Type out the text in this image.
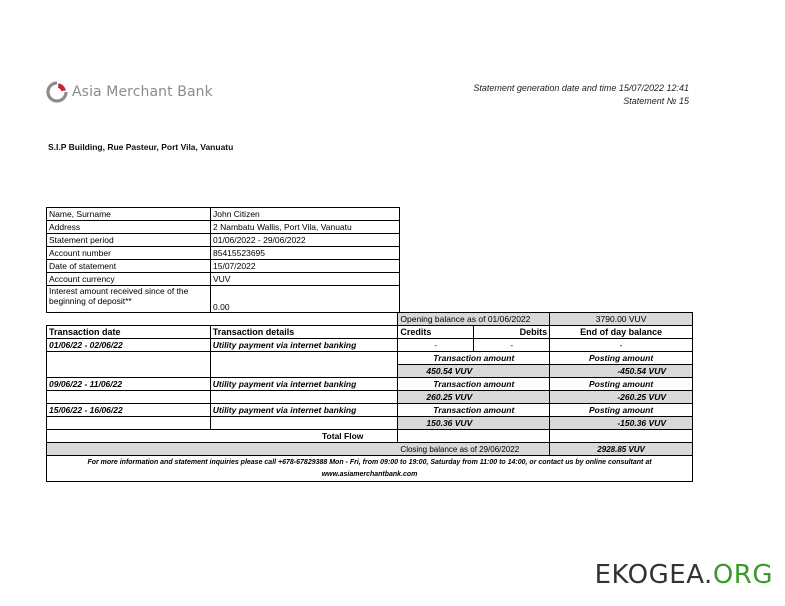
Asia Merchant Bank	Statement generation date and time 15/07/2022 12:41
Statement № 15
S.I.P Building, Rue Pasteur, Port Vila, Vanuatu
Name, Surname	John Citizen
Address	2 Nambatu Wallis, Port Vila, Vanuatu
Statement period	01/06/2022 - 29/06/2022
Account number	85415523695
Date of statement	15/07/2022
Account currency	VUV
Interest amount received since of the beginning of deposit**	0.00
		Opening balance as of 01/06/2022		3790.00 VUV
Transaction date	Transaction details	Credits	Debits	End of day balance
01/06/22 - 02/06/22	Utility payment via internet banking	-	-	-
		Transaction amount		Posting amount
		450.54 VUV		-450.54 VUV
09/06/22 - 11/06/22	Utility payment via internet banking	Transaction amount		Posting amount
		260.25 VUV		-260.25 VUV
15/06/22 - 16/06/22	Utility payment via internet banking	Transaction amount		Posting amount
		150.36 VUV		-150.36 VUV
	Total Flow			
Closing balance as of 29/06/2022				2928.85 VUV
For more information and statement inquiries please call +678-67829388 Mon - Fri, from 09:00 to 19:00, Saturday from 11:00 to 14:00, or contact us by online consultant at www.asiamerchantbank.com				
EKOGEA.ORG
